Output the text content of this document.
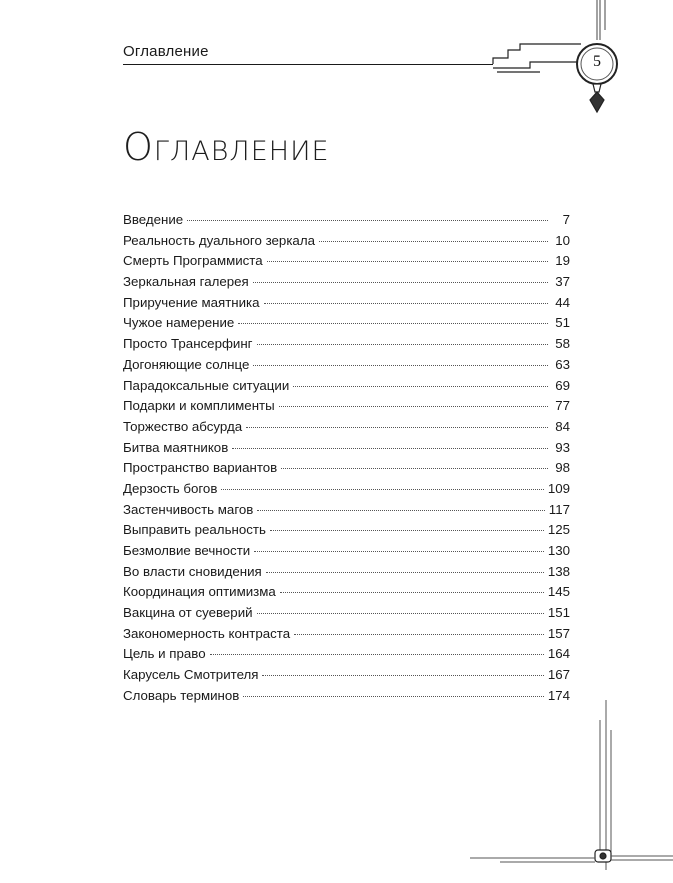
Оглавление
5
Оглавление
Введение	7
Реальность дуального зеркала	10
Смерть Программиста	19
Зеркальная галерея	37
Приручение маятника	44
Чужое намерение	51
Просто Трансерфинг	58
Догоняющие солнце	63
Парадоксальные ситуации	69
Подарки и комплименты	77
Торжество абсурда	84
Битва маятников	93
Пространство вариантов	98
Дерзость богов	109
Застенчивость магов	117
Выправить реальность	125
Безмолвие вечности	130
Во власти сновидения	138
Координация оптимизма	145
Вакцина от суеверий	151
Закономерность контраста	157
Цель и право	164
Карусель Смотрителя	167
Словарь терминов	174
